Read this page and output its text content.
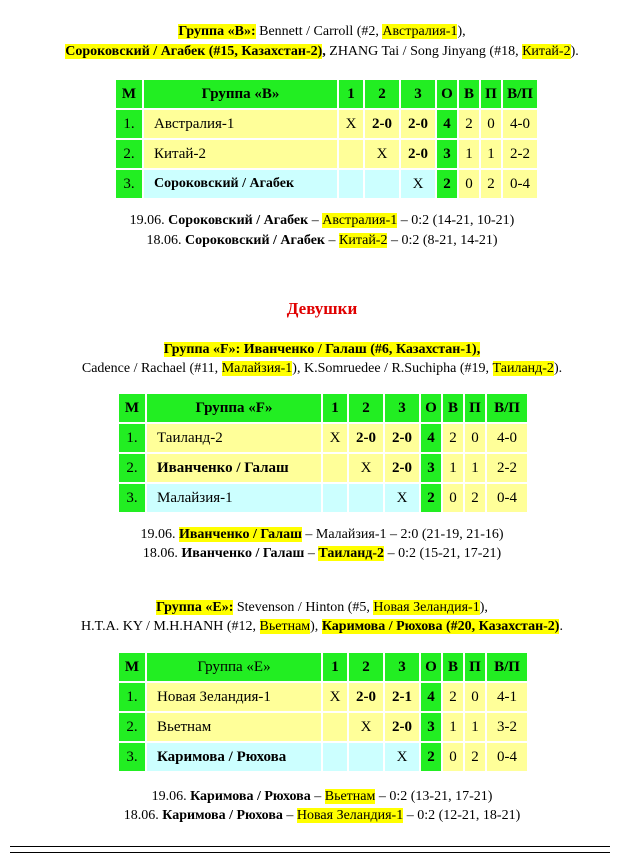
Группа «В»: Bennett / Carroll (#2, Австралия-1),
Сороковский / Агабек (#15, Казахстан-2), ZHANG Tai / Song Jinyang (#18, Китай-2).
М	Группа «В»	1	2	3	О	В	П	В/П
1.	Австралия-1	X	2-0	2-0	4	2	0	4-0
2.	Китай-2		X	2-0	3	1	1	2-2
3.	Сороковский / Агабек			X	2	0	2	0-4
19.06. Сороковский / Агабек – Австралия-1 – 0:2 (14-21, 10-21)
18.06. Сороковский / Агабек – Китай-2 – 0:2 (8-21, 14-21)
Девушки
Группа «F»: Иванченко / Галаш (#6, Казахстан-1),
Cadence / Rachael (#11, Малайзия-1), K.Somruedee / R.Suchipha (#19, Таиланд-2).
М	Группа «F»	1	2	3	О	В	П	В/П
1.	Таиланд-2	X	2-0	2-0	4	2	0	4-0
2.	Иванченко / Галаш		X	2-0	3	1	1	2-2
3.	Малайзия-1			X	2	0	2	0-4
19.06. Иванченко / Галаш – Малайзия-1 – 2:0 (21-19, 21-16)
18.06. Иванченко / Галаш – Таиланд-2 – 0:2 (15-21, 17-21)
Группа «Е»: Stevenson / Hinton (#5, Новая Зеландия-1),
H.T.A. KY / M.H.HANH (#12, Вьетнам), Каримова / Рюхова (#20, Казахстан-2).
М	Группа «Е»	1	2	3	О	В	П	В/П
1.	Новая Зеландия-1	X	2-0	2-1	4	2	0	4-1
2.	Вьетнам		X	2-0	3	1	1	3-2
3.	Каримова / Рюхова			X	2	0	2	0-4
19.06. Каримова / Рюхова – Вьетнам – 0:2 (13-21, 17-21)
18.06. Каримова / Рюхова – Новая Зеландия-1 – 0:2 (12-21, 18-21)
